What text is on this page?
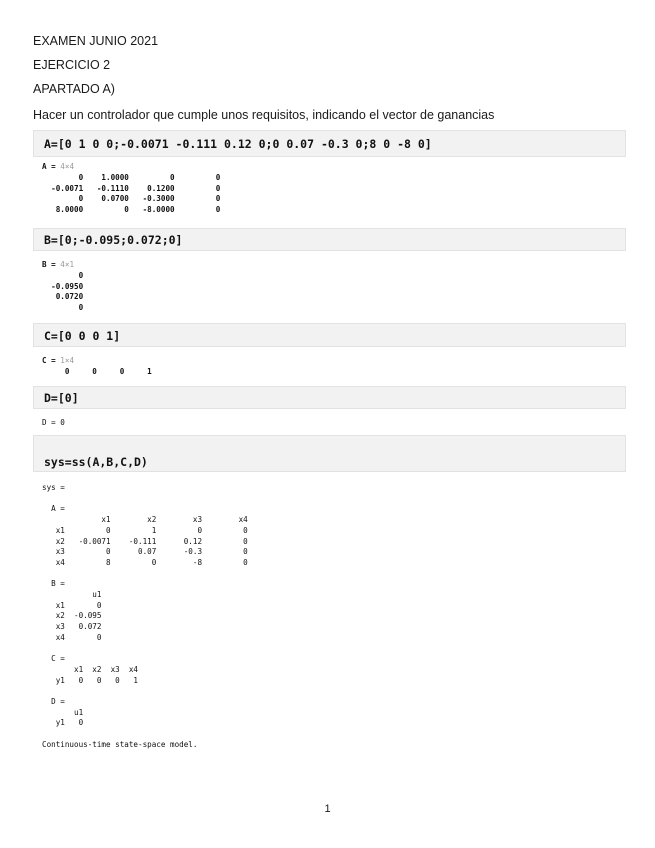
EXAMEN JUNIO 2021
EJERCICIO 2
APARTADO A)
Hacer un controlador que cumple unos requisitos, indicando el vector de ganancias
A=[0 1 0 0;-0.0071 -0.111 0.12 0;0 0.07 -0.3 0;8 0 -8 0]
A = 4×4
0    1.0000         0         0
-0.0071   -0.1110    0.1200         0
0    0.0700   -0.3000         0
8.0000         0   -8.0000         0
B=[0;-0.095;0.072;0]
B = 4×1
0
-0.0950
0.0720
0
C=[0 0 0 1]
C = 1×4
0     0     0     1
D=[0]
D = 0
sys=ss(A,B,C,D)
sys =

A =
x1        x2        x3        x4
x1         0         1         0         0
x2   -0.0071    -0.111      0.12         0
x3         0      0.07      -0.3         0
x4         8         0        -8         0

B =
u1
x1       0
x2  -0.095
x3   0.072
x4       0

C =
x1  x2  x3  x4
y1   0   0   0   1

D =
u1
y1   0

Continuous-time state-space model.
1
